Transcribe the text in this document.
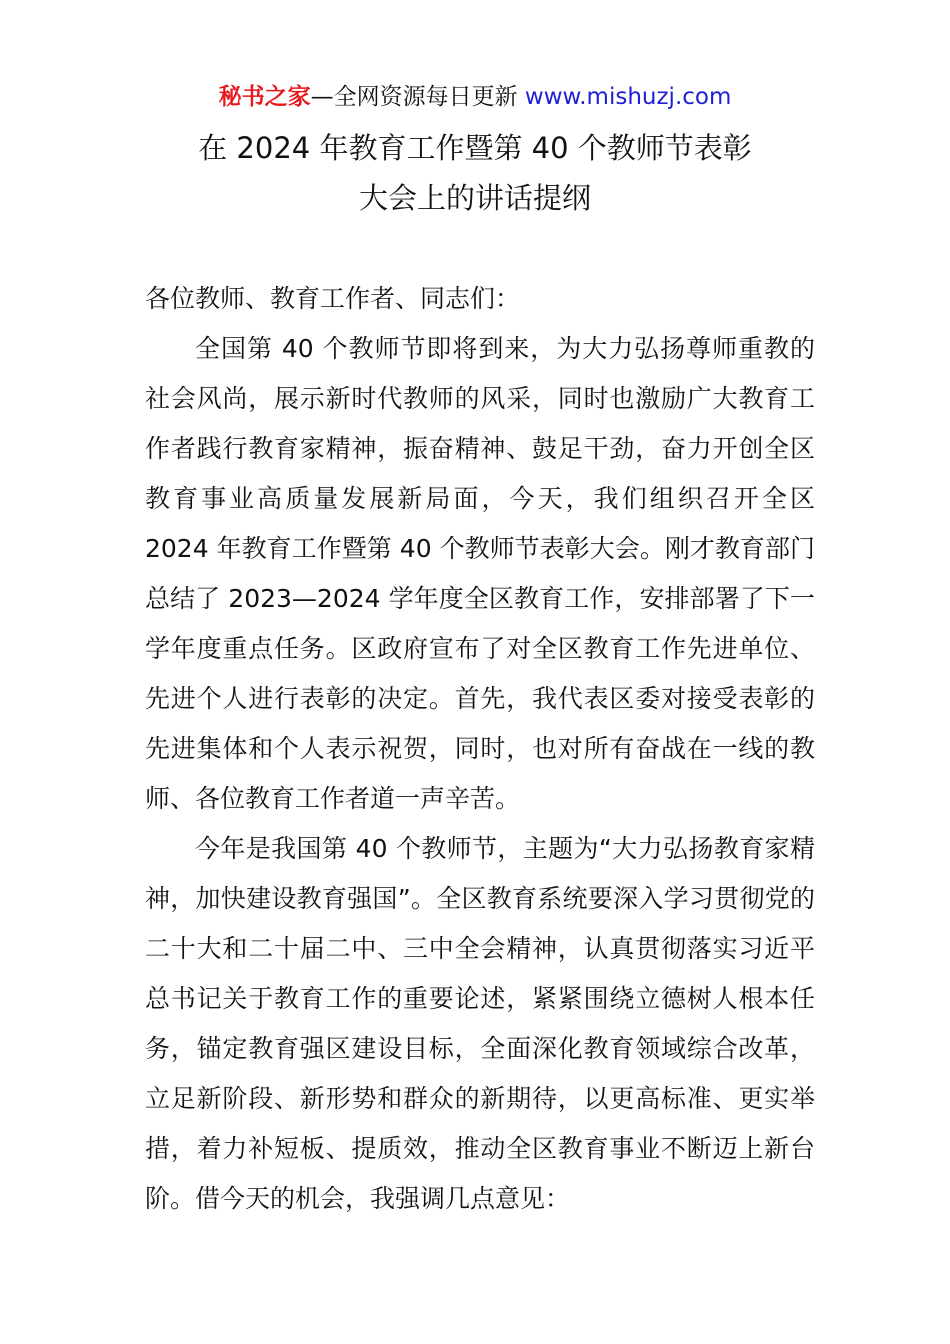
秘书之家—全网资源每日更新 www.mishuzj.com
在 2024 年教育工作暨第 40 个教师节表彰
大会上的讲话提纲
各位教师、教育工作者、同志们：

全国第 40 个教师节即将到来，为大力弘扬尊师重教的社会风尚，展示新时代教师的风采，同时也激励广大教育工作者践行教育家精神，振奋精神、鼓足干劲，奋力开创全区教育事业高质量发展新局面，今天，我们组织召开全区 2024 年教育工作暨第 40 个教师节表彰大会。刚才教育部门总结了 2023—2024 学年度全区教育工作，安排部署了下一学年度重点任务。区政府宣布了对全区教育工作先进单位、先进个人进行表彰的决定。首先，我代表区委对接受表彰的先进集体和个人表示祝贺，同时，也对所有奋战在一线的教师、各位教育工作者道一声辛苦。

今年是我国第 40 个教师节，主题为“大力弘扬教育家精神，加快建设教育强国”。全区教育系统要深入学习贯彻党的二十大和二十届二中、三中全会精神，认真贯彻落实习近平总书记关于教育工作的重要论述，紧紧围绕立德树人根本任务，锚定教育强区建设目标，全面深化教育领域综合改革，立足新阶段、新形势和群众的新期待，以更高标准、更实举措，着力补短板、提质效，推动全区教育事业不断迈上新台阶。借今天的机会，我强调几点意见：
